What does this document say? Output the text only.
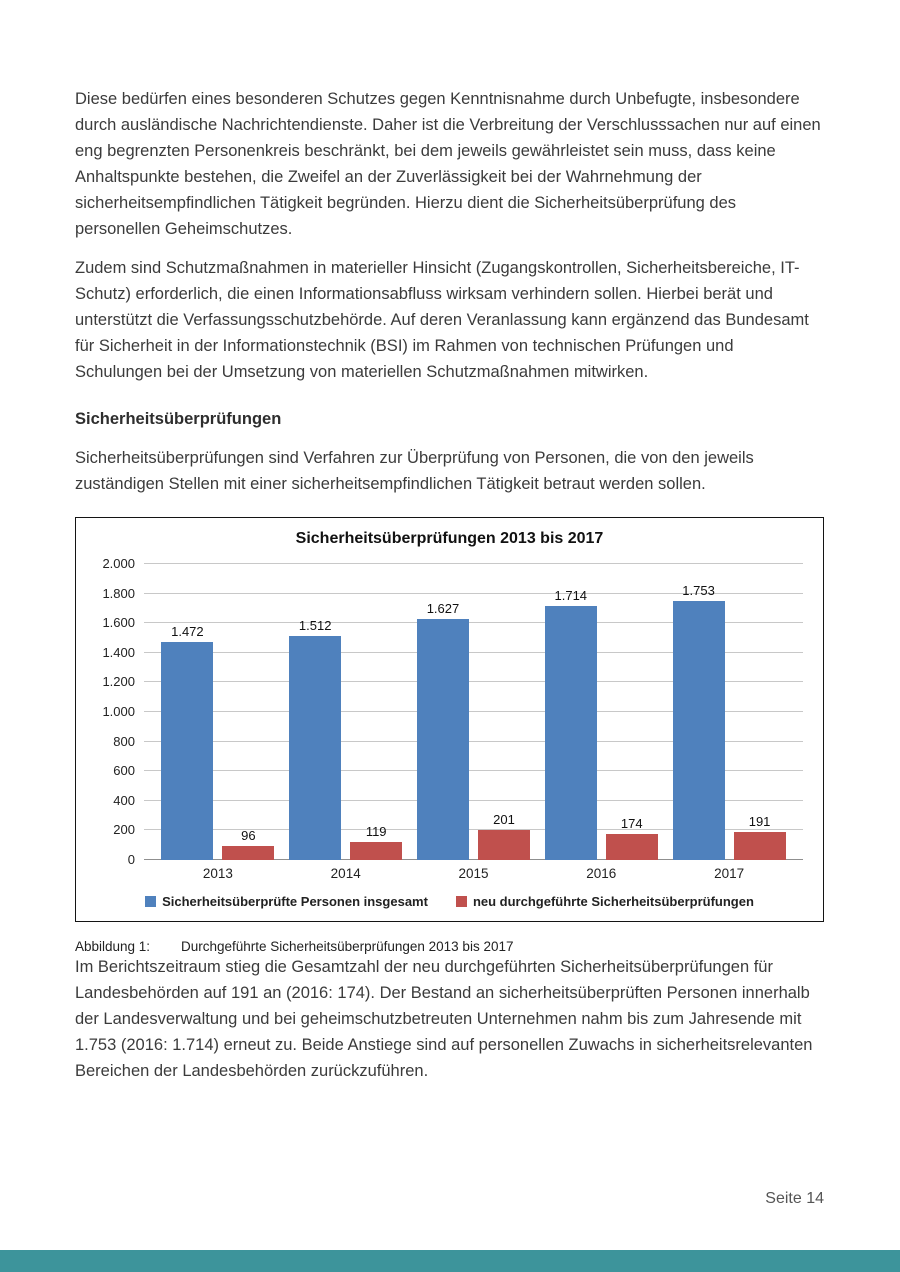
Diese bedürfen eines besonderen Schutzes gegen Kenntnisnahme durch Unbefugte, insbesondere durch ausländische Nachrichtendienste. Daher ist die Verbreitung der Verschlusssachen nur auf einen eng begrenzten Personenkreis beschränkt, bei dem jeweils gewährleistet sein muss, dass keine Anhaltspunkte bestehen, die Zweifel an der Zuverlässigkeit bei der Wahrnehmung der sicherheitsempfindlichen Tätigkeit begründen. Hierzu dient die Sicherheitsüberprüfung des personellen Geheimschutzes.

Zudem sind Schutzmaßnahmen in materieller Hinsicht (Zugangskontrollen, Sicherheitsbereiche, IT-Schutz) erforderlich, die einen Informationsabfluss wirksam verhindern sollen. Hierbei berät und unterstützt die Verfassungsschutzbehörde. Auf deren Veranlassung kann ergänzend das Bundesamt für Sicherheit in der Informationstechnik (BSI) im Rahmen von technischen Prüfungen und Schulungen bei der Umsetzung von materiellen Schutzmaßnahmen mitwirken.

Sicherheitsüberprüfungen

Sicherheitsüberprüfungen sind Verfahren zur Überprüfung von Personen, die von den jeweils zuständigen Stellen mit einer sicherheitsempfindlichen Tätigkeit betraut werden sollen.

Sicherheitsüberprüfungen 2013 bis 2017
2.000
1.800
1.600
1.400
1.200
1.000
800
600
400
200
0
1.472
96
1.512
119
1.627
201
1.714
174
1.753
191
2013	2014	2015	2016	2017
Sicherheitsüberprüfte Personen insgesamt	neu durchgeführte Sicherheitsüberprüfungen
Abbildung 1:	Durchgeführte Sicherheitsüberprüfungen 2013 bis 2017

Im Berichtszeitraum stieg die Gesamtzahl der neu durchgeführten Sicherheitsüberprüfungen für Landesbehörden auf 191 an (2016: 174). Der Bestand an sicherheitsüberprüften Personen innerhalb der Landesverwaltung und bei geheimschutzbetreuten Unternehmen nahm bis zum Jahresende mit 1.753 (2016: 1.714) erneut zu. Beide Anstiege sind auf personellen Zuwachs in sicherheitsrelevanten Bereichen der Landesbehörden zurückzuführen.

Seite 14
